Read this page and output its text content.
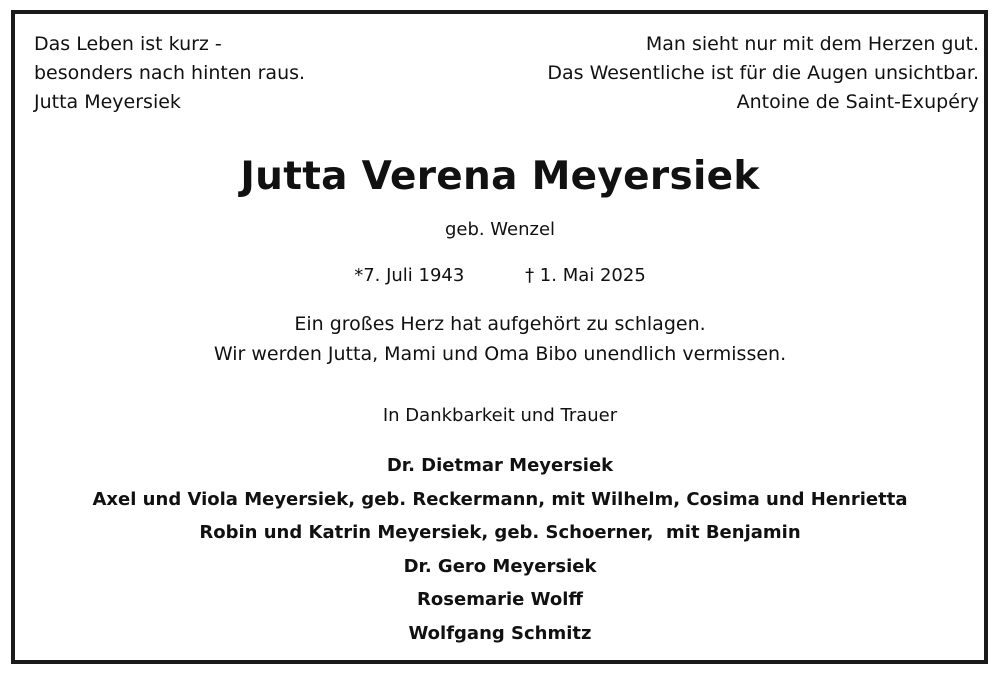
Das Leben ist kurz -
besonders nach hinten raus.
Jutta Meyersiek
Man sieht nur mit dem Herzen gut.
Das Wesentliche ist für die Augen unsichtbar.
Antoine de Saint-Exupéry
Jutta Verena Meyersiek
geb. Wenzel
*7. Juli 1943	† 1. Mai 2025
Ein großes Herz hat aufgehört zu schlagen.
Wir werden Jutta, Mami und Oma Bibo unendlich vermissen.
In Dankbarkeit und Trauer
Dr. Dietmar Meyersiek
Axel und Viola Meyersiek, geb. Reckermann, mit Wilhelm, Cosima und Henrietta
Robin und Katrin Meyersiek, geb. Schoerner,  mit Benjamin
Dr. Gero Meyersiek
Rosemarie Wolff
Wolfgang Schmitz
